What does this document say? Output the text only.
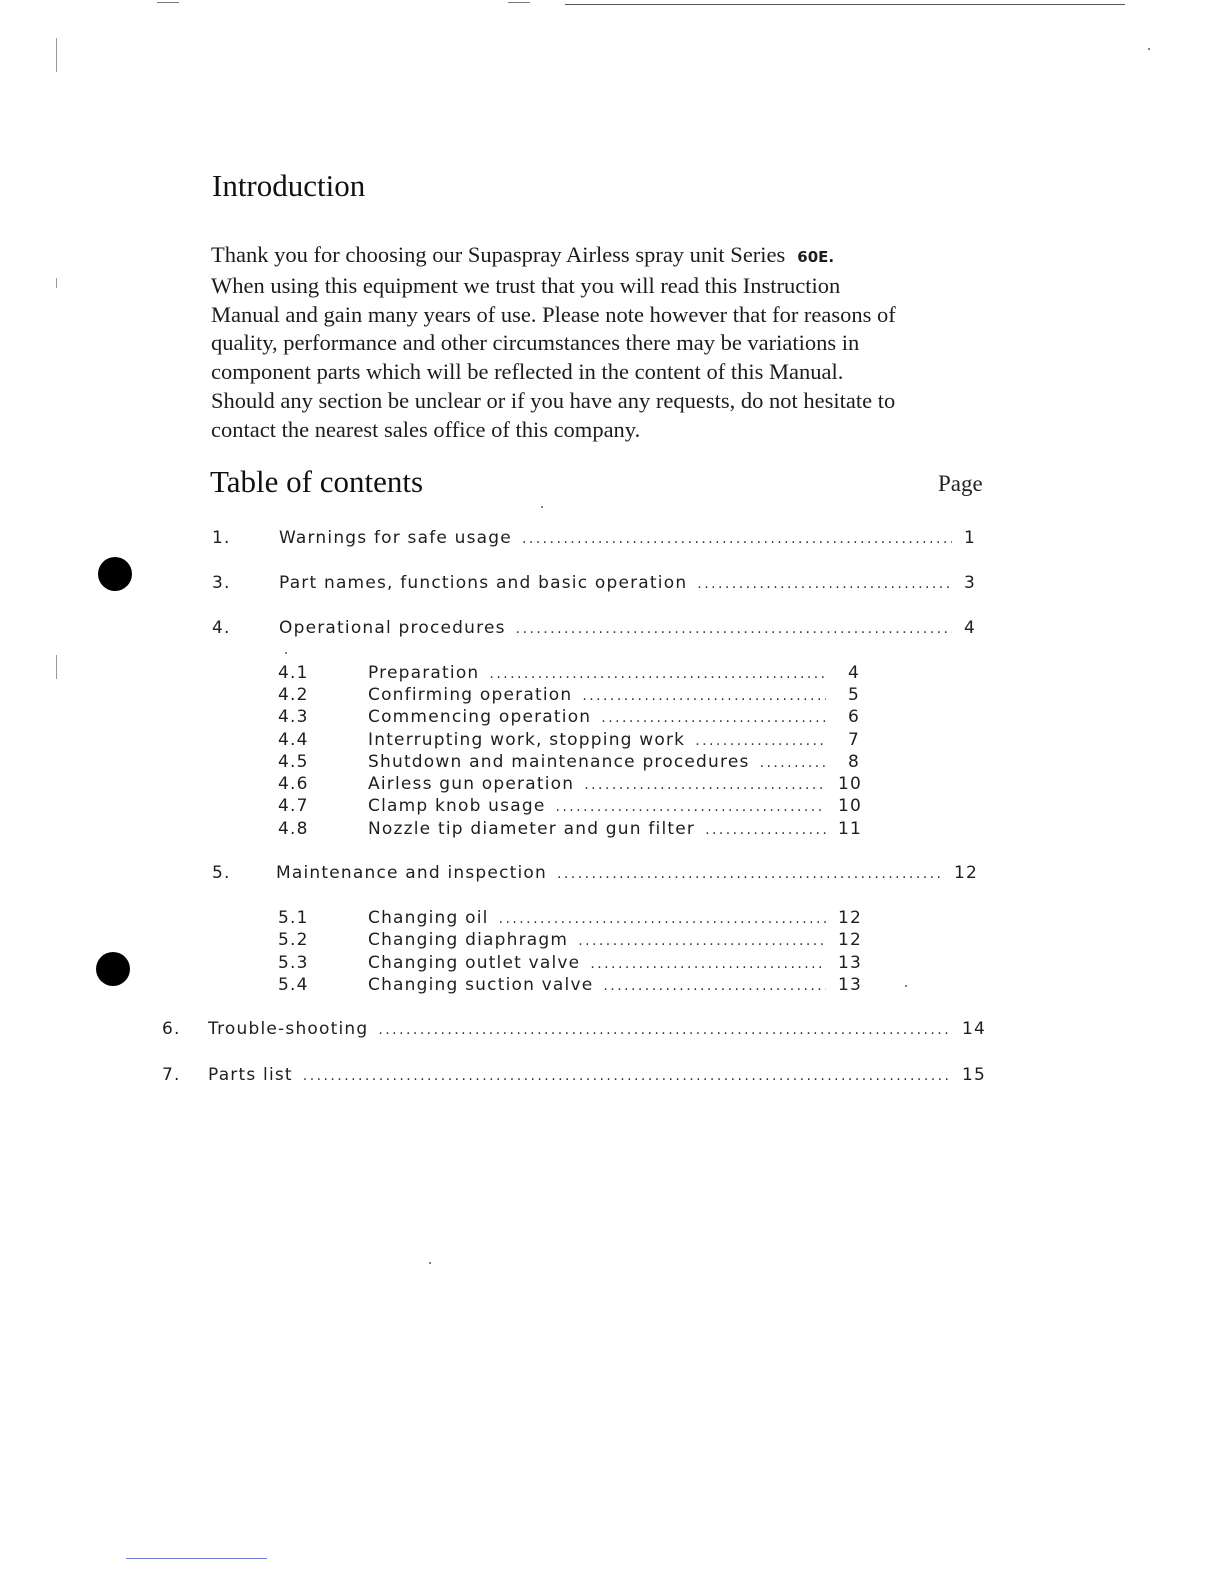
Introduction
Thank you for choosing our Supaspray Airless spray unit Series 60E.
When using this equipment we trust that you will read this Instruction
Manual and gain many years of use. Please note however that for reasons of
quality, performance and other circumstances there may be variations in
component parts which will be reflected in the content of this Manual.
Should any section be unclear or if you have any requests, do not hesitate to
contact the nearest sales office of this company.
Table of contents	Page
1.	Warnings for safe usage . . .	1
3.	Part names, functions and basic operation . . .	3
4.	Operational procedures . . .	4
4.1	Preparation . . .	4
4.2	Confirming operation . . .	5
4.3	Commencing operation . . .	6
4.4	Interrupting work, stopping work . . .	7
4.5	Shutdown and maintenance procedures . . .	8
4.6	Airless gun operation . . .	10
4.7	Clamp knob usage . . .	10
4.8	Nozzle tip diameter and gun filter . . .	11
5.	Maintenance and inspection . . .	12
5.1	Changing oil . . .	12
5.2	Changing diaphragm . . .	12
5.3	Changing outlet valve . . .	13
5.4	Changing suction valve . . .	13
6.	Trouble-shooting . . .	14
7.	Parts list . . .	15
